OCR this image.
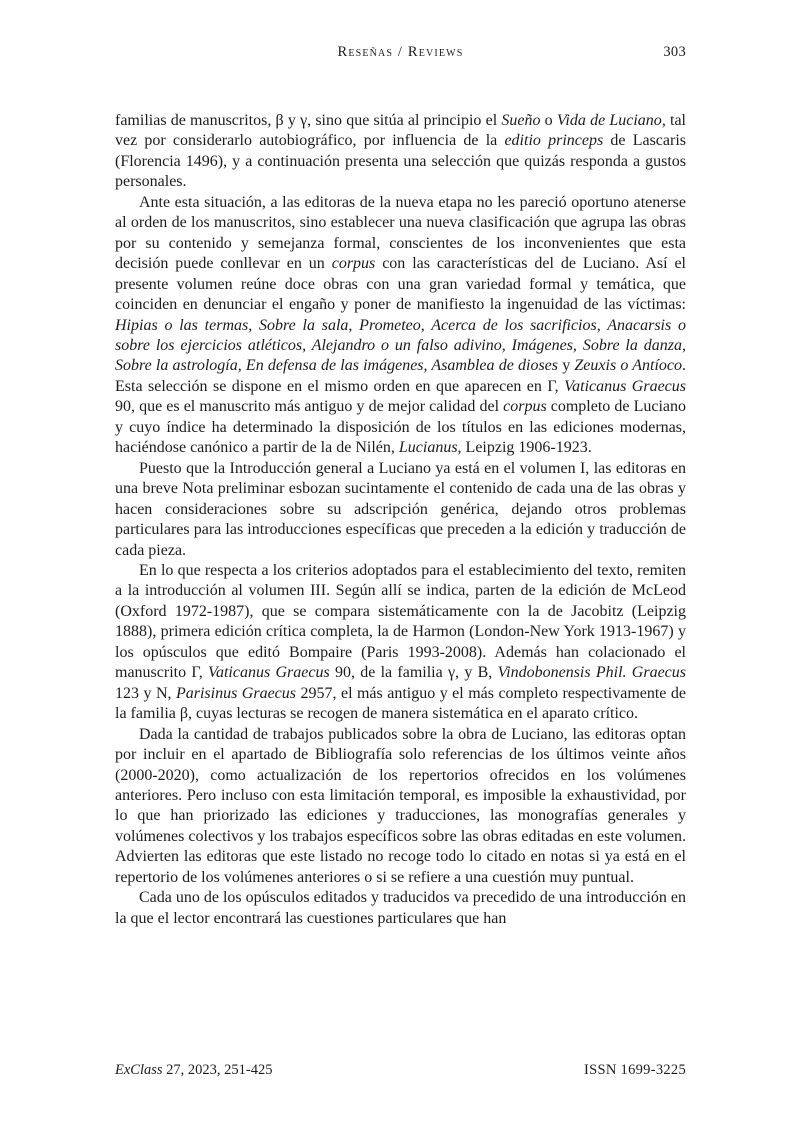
Reseñas / Reviews	303

familias de manuscritos, β y γ, sino que sitúa al principio el Sueño o Vida de Luciano, tal vez por considerarlo autobiográfico, por influencia de la editio princeps de Lascaris (Florencia 1496), y a continuación presenta una selección que quizás responda a gustos personales.

Ante esta situación, a las editoras de la nueva etapa no les pareció oportuno atenerse al orden de los manuscritos, sino establecer una nueva clasificación que agrupa las obras por su contenido y semejanza formal, conscientes de los inconvenientes que esta decisión puede conllevar en un corpus con las características del de Luciano. Así el presente volumen reúne doce obras con una gran variedad formal y temática, que coinciden en denunciar el engaño y poner de manifiesto la ingenuidad de las víctimas: Hipias o las termas, Sobre la sala, Prometeo, Acerca de los sacrificios, Anacarsis o sobre los ejercicios atléticos, Alejandro o un falso adivino, Imágenes, Sobre la danza, Sobre la astrología, En defensa de las imágenes, Asamblea de dioses y Zeuxis o Antíoco. Esta selección se dispone en el mismo orden en que aparecen en Γ, Vaticanus Graecus 90, que es el manuscrito más antiguo y de mejor calidad del corpus completo de Luciano y cuyo índice ha determinado la disposición de los títulos en las ediciones modernas, haciéndose canónico a partir de la de Nilén, Lucianus, Leipzig 1906-1923.

Puesto que la Introducción general a Luciano ya está en el volumen I, las editoras en una breve Nota preliminar esbozan sucintamente el contenido de cada una de las obras y hacen consideraciones sobre su adscripción genérica, dejando otros problemas particulares para las introducciones específicas que preceden a la edición y traducción de cada pieza.

En lo que respecta a los criterios adoptados para el establecimiento del texto, remiten a la introducción al volumen III. Según allí se indica, parten de la edición de McLeod (Oxford 1972-1987), que se compara sistemáticamente con la de Jacobitz (Leipzig 1888), primera edición crítica completa, la de Harmon (London-New York 1913-1967) y los opúsculos que editó Bompaire (Paris 1993-2008). Además han colacionado el manuscrito Γ, Vaticanus Graecus 90, de la familia γ, y B, Vindobonensis Phil. Graecus 123 y N, Parisinus Graecus 2957, el más antiguo y el más completo respectivamente de la familia β, cuyas lecturas se recogen de manera sistemática en el aparato crítico.

Dada la cantidad de trabajos publicados sobre la obra de Luciano, las editoras optan por incluir en el apartado de Bibliografía solo referencias de los últimos veinte años (2000-2020), como actualización de los repertorios ofrecidos en los volúmenes anteriores. Pero incluso con esta limitación temporal, es imposible la exhaustividad, por lo que han priorizado las ediciones y traducciones, las monografías generales y volúmenes colectivos y los trabajos específicos sobre las obras editadas en este volumen. Advierten las editoras que este listado no recoge todo lo citado en notas si ya está en el repertorio de los volúmenes anteriores o si se refiere a una cuestión muy puntual.

Cada uno de los opúsculos editados y traducidos va precedido de una introducción en la que el lector encontrará las cuestiones particulares que han

ExClass 27, 2023, 251-425	ISSN 1699-3225
